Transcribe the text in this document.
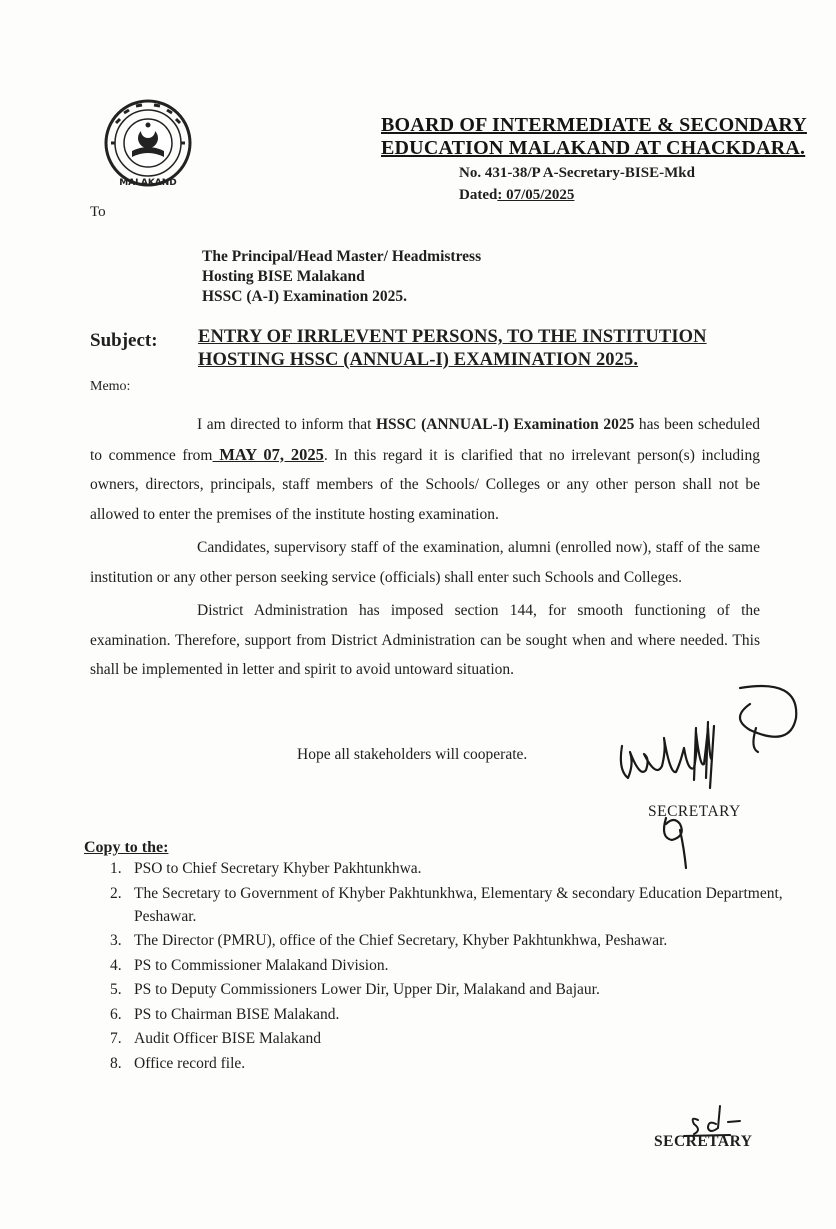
MALAKAND
BOARD OF INTERMEDIATE & SECONDARY
EDUCATION MALAKAND AT CHACKDARA.
No. 431-38/P A-Secretary-BISE-Mkd
Dated: 07/05/2025
To
The Principal/Head Master/ Headmistress
Hosting BISE Malakand
HSSC (A-I) Examination 2025.
Subject: ENTRY OF IRRLEVENT PERSONS, TO THE INSTITUTION
HOSTING HSSC (ANNUAL-I) EXAMINATION 2025.
Memo:

I am directed to inform that HSSC (ANNUAL-I) Examination 2025 has been scheduled to commence from MAY 07, 2025. In this regard it is clarified that no irrelevant person(s) including owners, directors, principals, staff members of the Schools/ Colleges or any other person shall not be allowed to enter the premises of the institute hosting examination.

Candidates, supervisory staff of the examination, alumni (enrolled now), staff of the same institution or any other person seeking service (officials) shall enter such Schools and Colleges.

District Administration has imposed section 144, for smooth functioning of the examination. Therefore, support from District Administration can be sought when and where needed. This shall be implemented in letter and spirit to avoid untoward situation.

Hope all stakeholders will cooperate.
SECRETARY
Copy to the:
1. PSO to Chief Secretary Khyber Pakhtunkhwa.
2. The Secretary to Government of Khyber Pakhtunkhwa, Elementary & secondary Education Department, Peshawar.
3. The Director (PMRU), office of the Chief Secretary, Khyber Pakhtunkhwa, Peshawar.
4. PS to Commissioner Malakand Division.
5. PS to Deputy Commissioners Lower Dir, Upper Dir, Malakand and Bajaur.
6. PS to Chairman BISE Malakand.
7. Audit Officer BISE Malakand
8. Office record file.
Sd
SECRETARY
